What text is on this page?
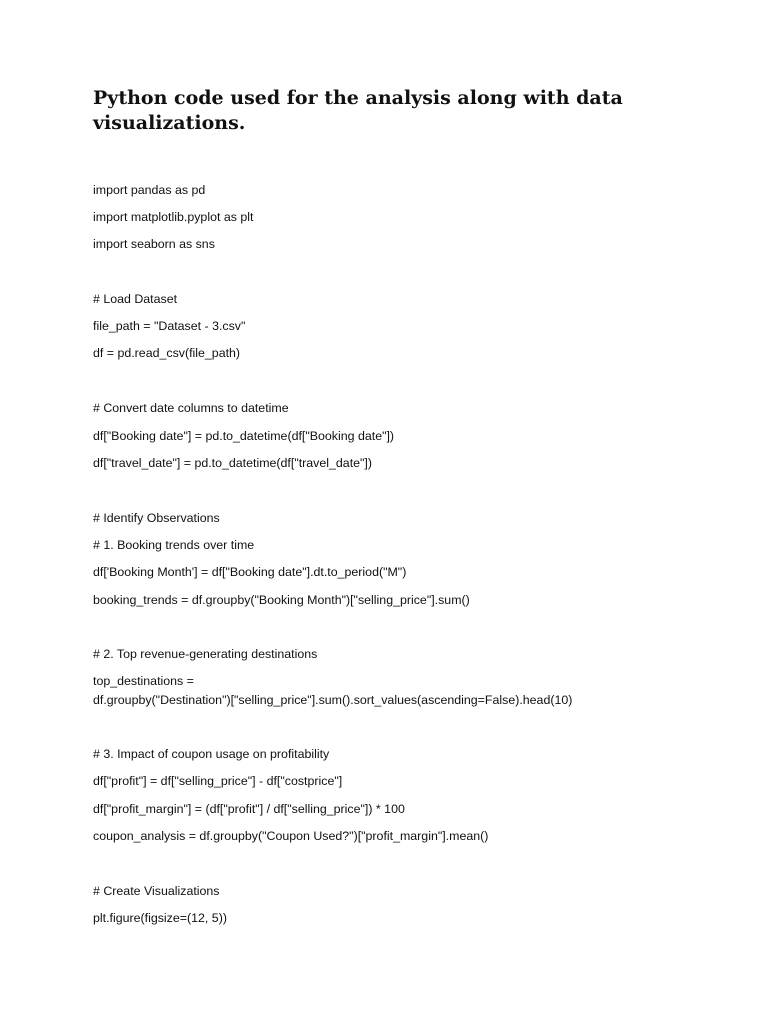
Python code used for the analysis along with data visualizations.
import pandas as pd
import matplotlib.pyplot as plt
import seaborn as sns
# Load Dataset
file_path = "Dataset - 3.csv"
df = pd.read_csv(file_path)
# Convert date columns to datetime
df["Booking date"] = pd.to_datetime(df["Booking date"])
df["travel_date"] = pd.to_datetime(df["travel_date"])
# Identify Observations
# 1. Booking trends over time
df['Booking Month'] = df["Booking date"].dt.to_period("M")
booking_trends = df.groupby("Booking Month")["selling_price"].sum()
# 2. Top revenue-generating destinations
top_destinations =
df.groupby("Destination")["selling_price"].sum().sort_values(ascending=False).head(10)
# 3. Impact of coupon usage on profitability
df["profit"] = df["selling_price"] - df["costprice"]
df["profit_margin"] = (df["profit"] / df["selling_price"]) * 100
coupon_analysis = df.groupby("Coupon Used?")["profit_margin"].mean()
# Create Visualizations
plt.figure(figsize=(12, 5))
